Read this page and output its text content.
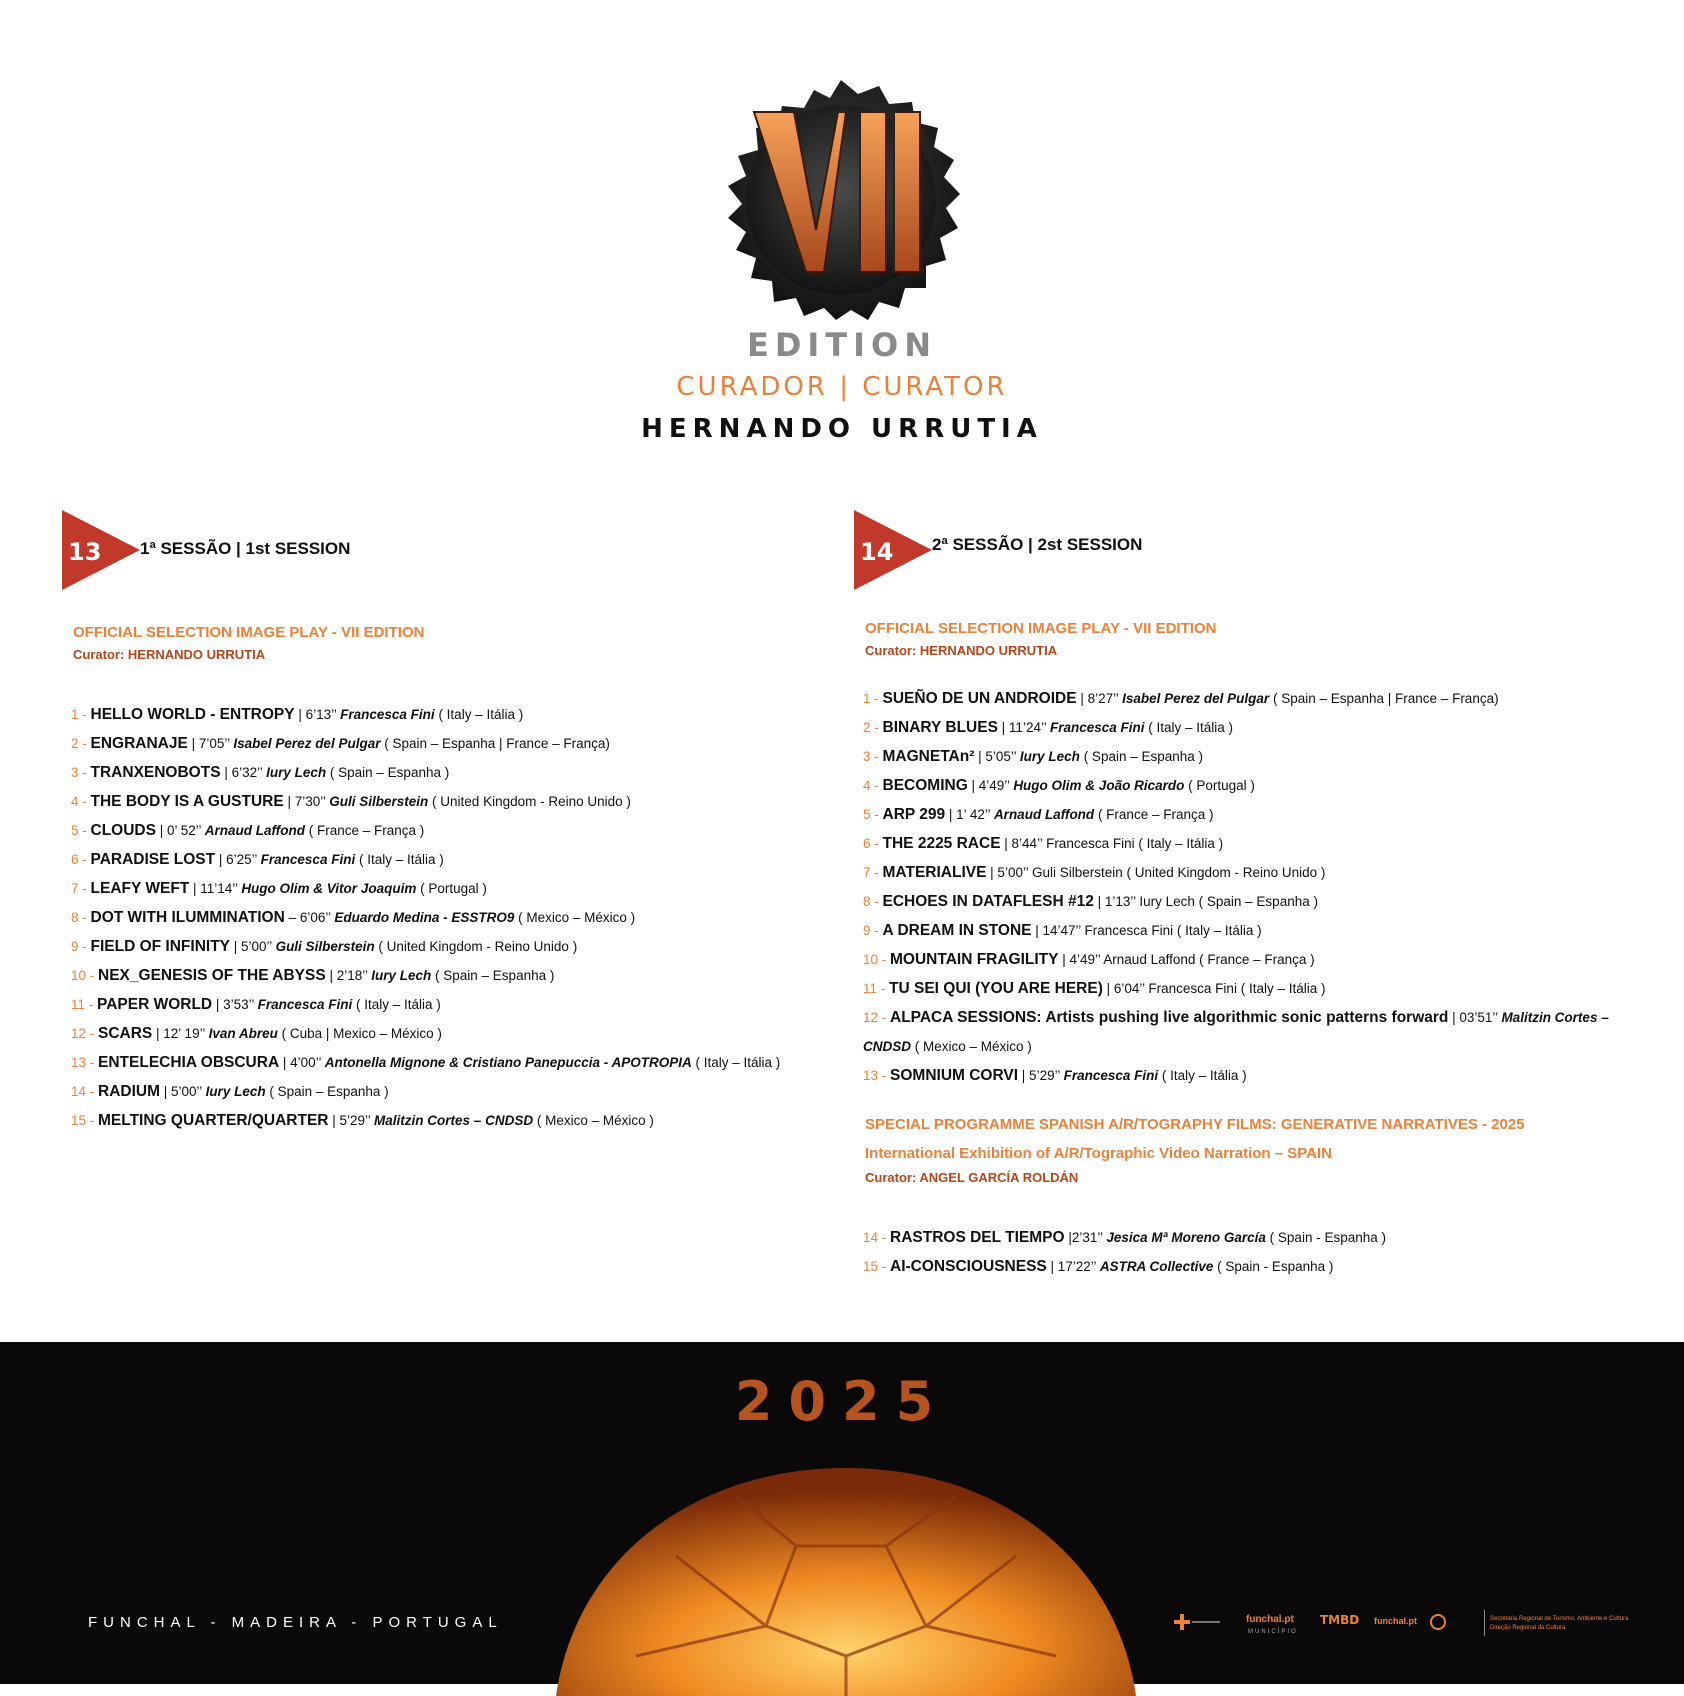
EDITION
CURADOR | CURATOR
HERNANDO URRUTIA
13 1ª SESSÃO | 1st SESSION
OFFICIAL SELECTION IMAGE PLAY - VII EDITION
Curator: HERNANDO URRUTIA
1 - HELLO WORLD - ENTROPY | 6’13’’ Francesca Fini ( Italy – Itália )
2 - ENGRANAJE | 7’05’’ Isabel Perez del Pulgar ( Spain – Espanha | France – França)
3 - TRANXENOBOTS | 6’32’’ Iury Lech ( Spain – Espanha )
4 - THE BODY IS A GUSTURE | 7’30’’ Guli Silberstein ( United Kingdom - Reino Unido )
5 - CLOUDS | 0’ 52’’ Arnaud Laffond ( France – França )
6 - PARADISE LOST | 6’25’’ Francesca Fini ( Italy – Itália )
7 - LEAFY WEFT | 11’14’’ Hugo Olim & Vitor Joaquim ( Portugal )
8 - DOT WITH ILUMMINATION – 6’06’’ Eduardo Medina - ESSTRO9 ( Mexico – México )
9 - FIELD OF INFINITY | 5’00’’ Guli Silberstein ( United Kingdom - Reino Unido )
10 - NEX_GENESIS OF THE ABYSS | 2’18’’ Iury Lech ( Spain – Espanha )
11 - PAPER WORLD | 3’53’’ Francesca Fini ( Italy – Itália )
12 - SCARS | 12’ 19’’ Ivan Abreu ( Cuba | Mexico – México )
13 - ENTELECHIA OBSCURA | 4’00’’ Antonella Mignone & Cristiano Panepuccia - APOTROPIA ( Italy – Itália )
14 - RADIUM | 5’00’’ Iury Lech ( Spain – Espanha )
15 - MELTING QUARTER/QUARTER | 5’29’’ Malitzin Cortes – CNDSD ( Mexico – México )
14 2ª SESSÃO | 2st SESSION
OFFICIAL SELECTION IMAGE PLAY - VII EDITION
Curator: HERNANDO URRUTIA
1 - SUEÑO DE UN ANDROIDE | 8’27’’ Isabel Perez del Pulgar ( Spain – Espanha | France – França)
2 - BINARY BLUES | 11’24’’ Francesca Fini ( Italy – Itália )
3 - MAGNETAn² | 5’05’’ Iury Lech ( Spain – Espanha )
4 - BECOMING | 4’49’’ Hugo Olim & João Ricardo ( Portugal )
5 - ARP 299 | 1’ 42’’ Arnaud Laffond ( France – França )
6 - THE 2225 RACE | 8’44’’ Francesca Fini ( Italy – Itália )
7 - MATERIALIVE | 5’00’’ Guli Silberstein ( United Kingdom - Reino Unido )
8 - ECHOES IN DATAFLESH #12 | 1’13’’ Iury Lech ( Spain – Espanha )
9 - A DREAM IN STONE | 14’47’’ Francesca Fini ( Italy – Itália )
10 - MOUNTAIN FRAGILITY | 4’49’’ Arnaud Laffond ( France – França )
11 - TU SEI QUI (YOU ARE HERE) | 6’04’’ Francesca Fini ( Italy – Itália )
12 - ALPACA SESSIONS: Artists pushing live algorithmic sonic patterns forward | 03’51’’ Malitzin Cortes – CNDSD ( Mexico – México )
13 - SOMNIUM CORVI | 5’29’’ Francesca Fini ( Italy – Itália )
SPECIAL PROGRAMME SPANISH A/R/TOGRAPHY FILMS: GENERATIVE NARRATIVES - 2025
International Exhibition of A/R/Tographic Video Narration – SPAIN
Curator: ANGEL GARCÍA ROLDÁN
14 - RASTROS DEL TIEMPO |2’31’’ Jesica Mª Moreno García ( Spain - Espanha )
15 - AI-CONSCIOUSNESS | 17’22’’ ASTRA Collective ( Spain - Espanha )
2025
FUNCHAL - MADEIRA - PORTUGAL	funchal.pt
MUNICÍPIO
TMBD funchal.pt	Secretaria Regional de Turismo, Ambiente e Cultura
Direção Regional da Cultura
